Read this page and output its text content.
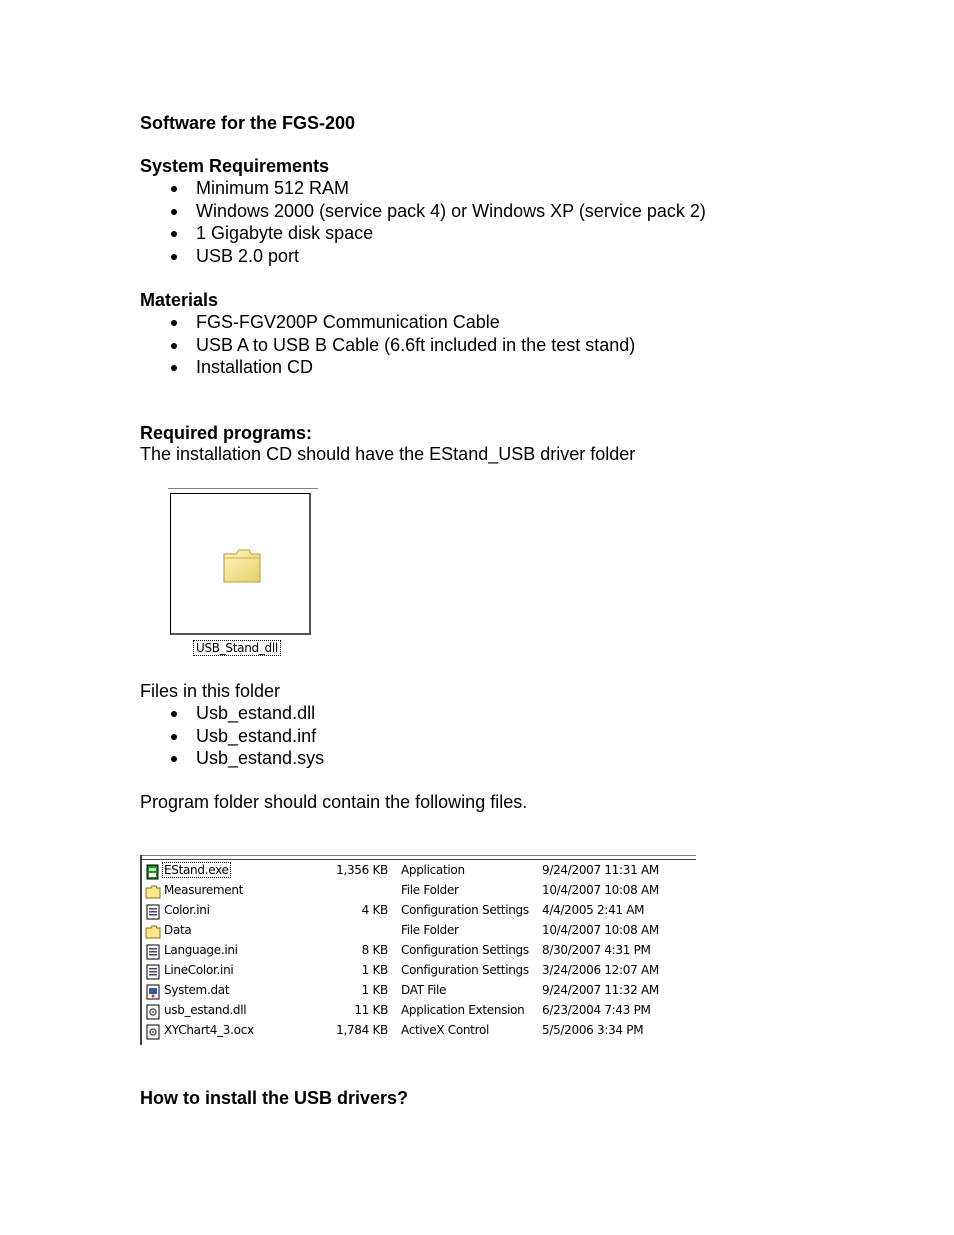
Software for the FGS-200
System Requirements
Minimum 512 RAM
Windows 2000 (service pack 4) or Windows XP (service pack 2)
1 Gigabyte disk space
USB 2.0 port
Materials
FGS-FGV200P Communication Cable
USB A to USB B Cable (6.6ft included in the test stand)
Installation CD
Required programs:
The installation CD should have the EStand_USB driver folder
USB_Stand_dll
Files in this folder
Usb_estand.dll
Usb_estand.inf
Usb_estand.sys
Program folder should contain the following files.
EStand.exe	1,356 KB Application	9/24/2007 11:31 AM
Measurement	File Folder	10/4/2007 10:08 AM
Color.ini	4 KB Configuration Settings 4/4/2005 2:41 AM
Data	File Folder	10/4/2007 10:08 AM
Language.ini	8 KB Configuration Settings 8/30/2007 4:31 PM
LineColor.ini	1 KB Configuration Settings 3/24/2006 12:07 AM
System.dat	1 KB DAT File	9/24/2007 11:32 AM
usb_estand.dll	11 KB Application Extension 6/23/2004 7:43 PM
XYChart4_3.ocx	1,784 KB ActiveX Control	5/5/2006 3:34 PM
How to install the USB drivers?
